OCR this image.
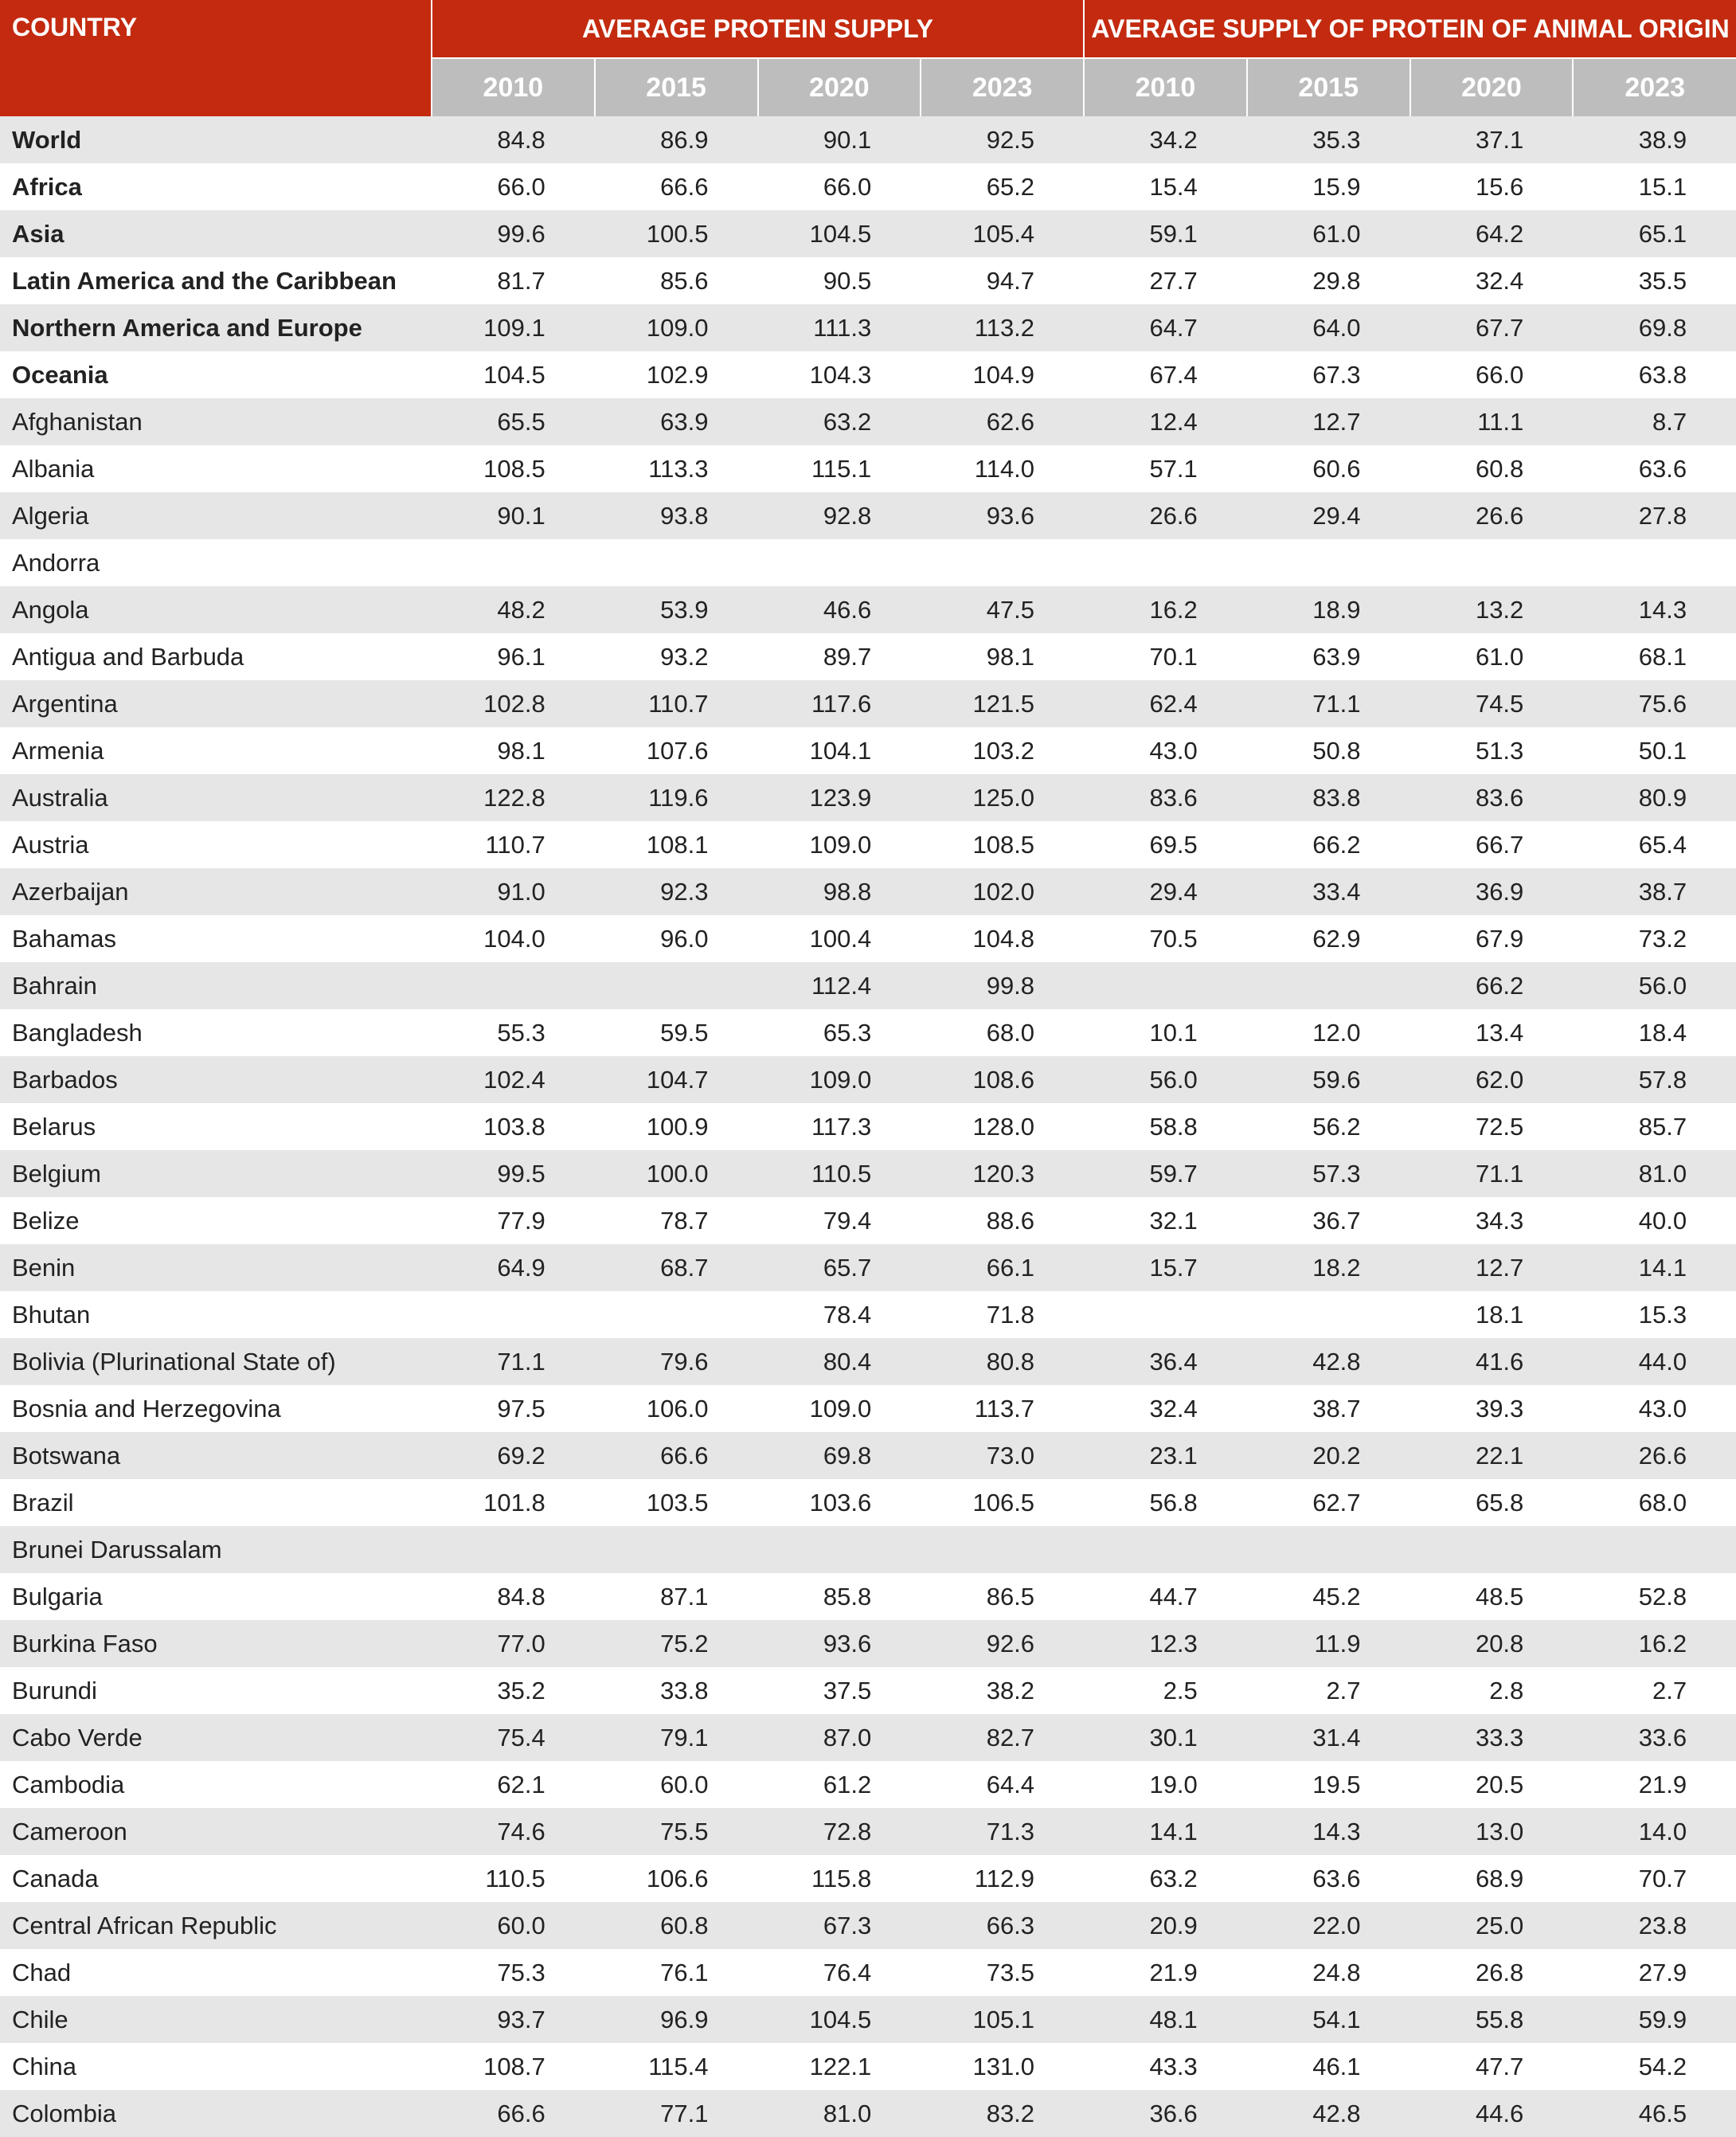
COUNTRY	AVERAGE PROTEIN SUPPLY				AVERAGE SUPPLY OF PROTEIN OF ANIMAL ORIGIN			
	2010	2015	2020	2023	2010	2015	2020	2023
World	84.8	86.9	90.1	92.5	34.2	35.3	37.1	38.9
Africa	66.0	66.6	66.0	65.2	15.4	15.9	15.6	15.1
Asia	99.6	100.5	104.5	105.4	59.1	61.0	64.2	65.1
Latin America and the Caribbean	81.7	85.6	90.5	94.7	27.7	29.8	32.4	35.5
Northern America and Europe	109.1	109.0	111.3	113.2	64.7	64.0	67.7	69.8
Oceania	104.5	102.9	104.3	104.9	67.4	67.3	66.0	63.8
Afghanistan	65.5	63.9	63.2	62.6	12.4	12.7	11.1	8.7
Albania	108.5	113.3	115.1	114.0	57.1	60.6	60.8	63.6
Algeria	90.1	93.8	92.8	93.6	26.6	29.4	26.6	27.8
Andorra								
Angola	48.2	53.9	46.6	47.5	16.2	18.9	13.2	14.3
Antigua and Barbuda	96.1	93.2	89.7	98.1	70.1	63.9	61.0	68.1
Argentina	102.8	110.7	117.6	121.5	62.4	71.1	74.5	75.6
Armenia	98.1	107.6	104.1	103.2	43.0	50.8	51.3	50.1
Australia	122.8	119.6	123.9	125.0	83.6	83.8	83.6	80.9
Austria	110.7	108.1	109.0	108.5	69.5	66.2	66.7	65.4
Azerbaijan	91.0	92.3	98.8	102.0	29.4	33.4	36.9	38.7
Bahamas	104.0	96.0	100.4	104.8	70.5	62.9	67.9	73.2
Bahrain			112.4	99.8			66.2	56.0
Bangladesh	55.3	59.5	65.3	68.0	10.1	12.0	13.4	18.4
Barbados	102.4	104.7	109.0	108.6	56.0	59.6	62.0	57.8
Belarus	103.8	100.9	117.3	128.0	58.8	56.2	72.5	85.7
Belgium	99.5	100.0	110.5	120.3	59.7	57.3	71.1	81.0
Belize	77.9	78.7	79.4	88.6	32.1	36.7	34.3	40.0
Benin	64.9	68.7	65.7	66.1	15.7	18.2	12.7	14.1
Bhutan			78.4	71.8			18.1	15.3
Bolivia (Plurinational State of)	71.1	79.6	80.4	80.8	36.4	42.8	41.6	44.0
Bosnia and Herzegovina	97.5	106.0	109.0	113.7	32.4	38.7	39.3	43.0
Botswana	69.2	66.6	69.8	73.0	23.1	20.2	22.1	26.6
Brazil	101.8	103.5	103.6	106.5	56.8	62.7	65.8	68.0
Brunei Darussalam								
Bulgaria	84.8	87.1	85.8	86.5	44.7	45.2	48.5	52.8
Burkina Faso	77.0	75.2	93.6	92.6	12.3	11.9	20.8	16.2
Burundi	35.2	33.8	37.5	38.2	2.5	2.7	2.8	2.7
Cabo Verde	75.4	79.1	87.0	82.7	30.1	31.4	33.3	33.6
Cambodia	62.1	60.0	61.2	64.4	19.0	19.5	20.5	21.9
Cameroon	74.6	75.5	72.8	71.3	14.1	14.3	13.0	14.0
Canada	110.5	106.6	115.8	112.9	63.2	63.6	68.9	70.7
Central African Republic	60.0	60.8	67.3	66.3	20.9	22.0	25.0	23.8
Chad	75.3	76.1	76.4	73.5	21.9	24.8	26.8	27.9
Chile	93.7	96.9	104.5	105.1	48.1	54.1	55.8	59.9
China	108.7	115.4	122.1	131.0	43.3	46.1	47.7	54.2
Colombia	66.6	77.1	81.0	83.2	36.6	42.8	44.6	46.5
